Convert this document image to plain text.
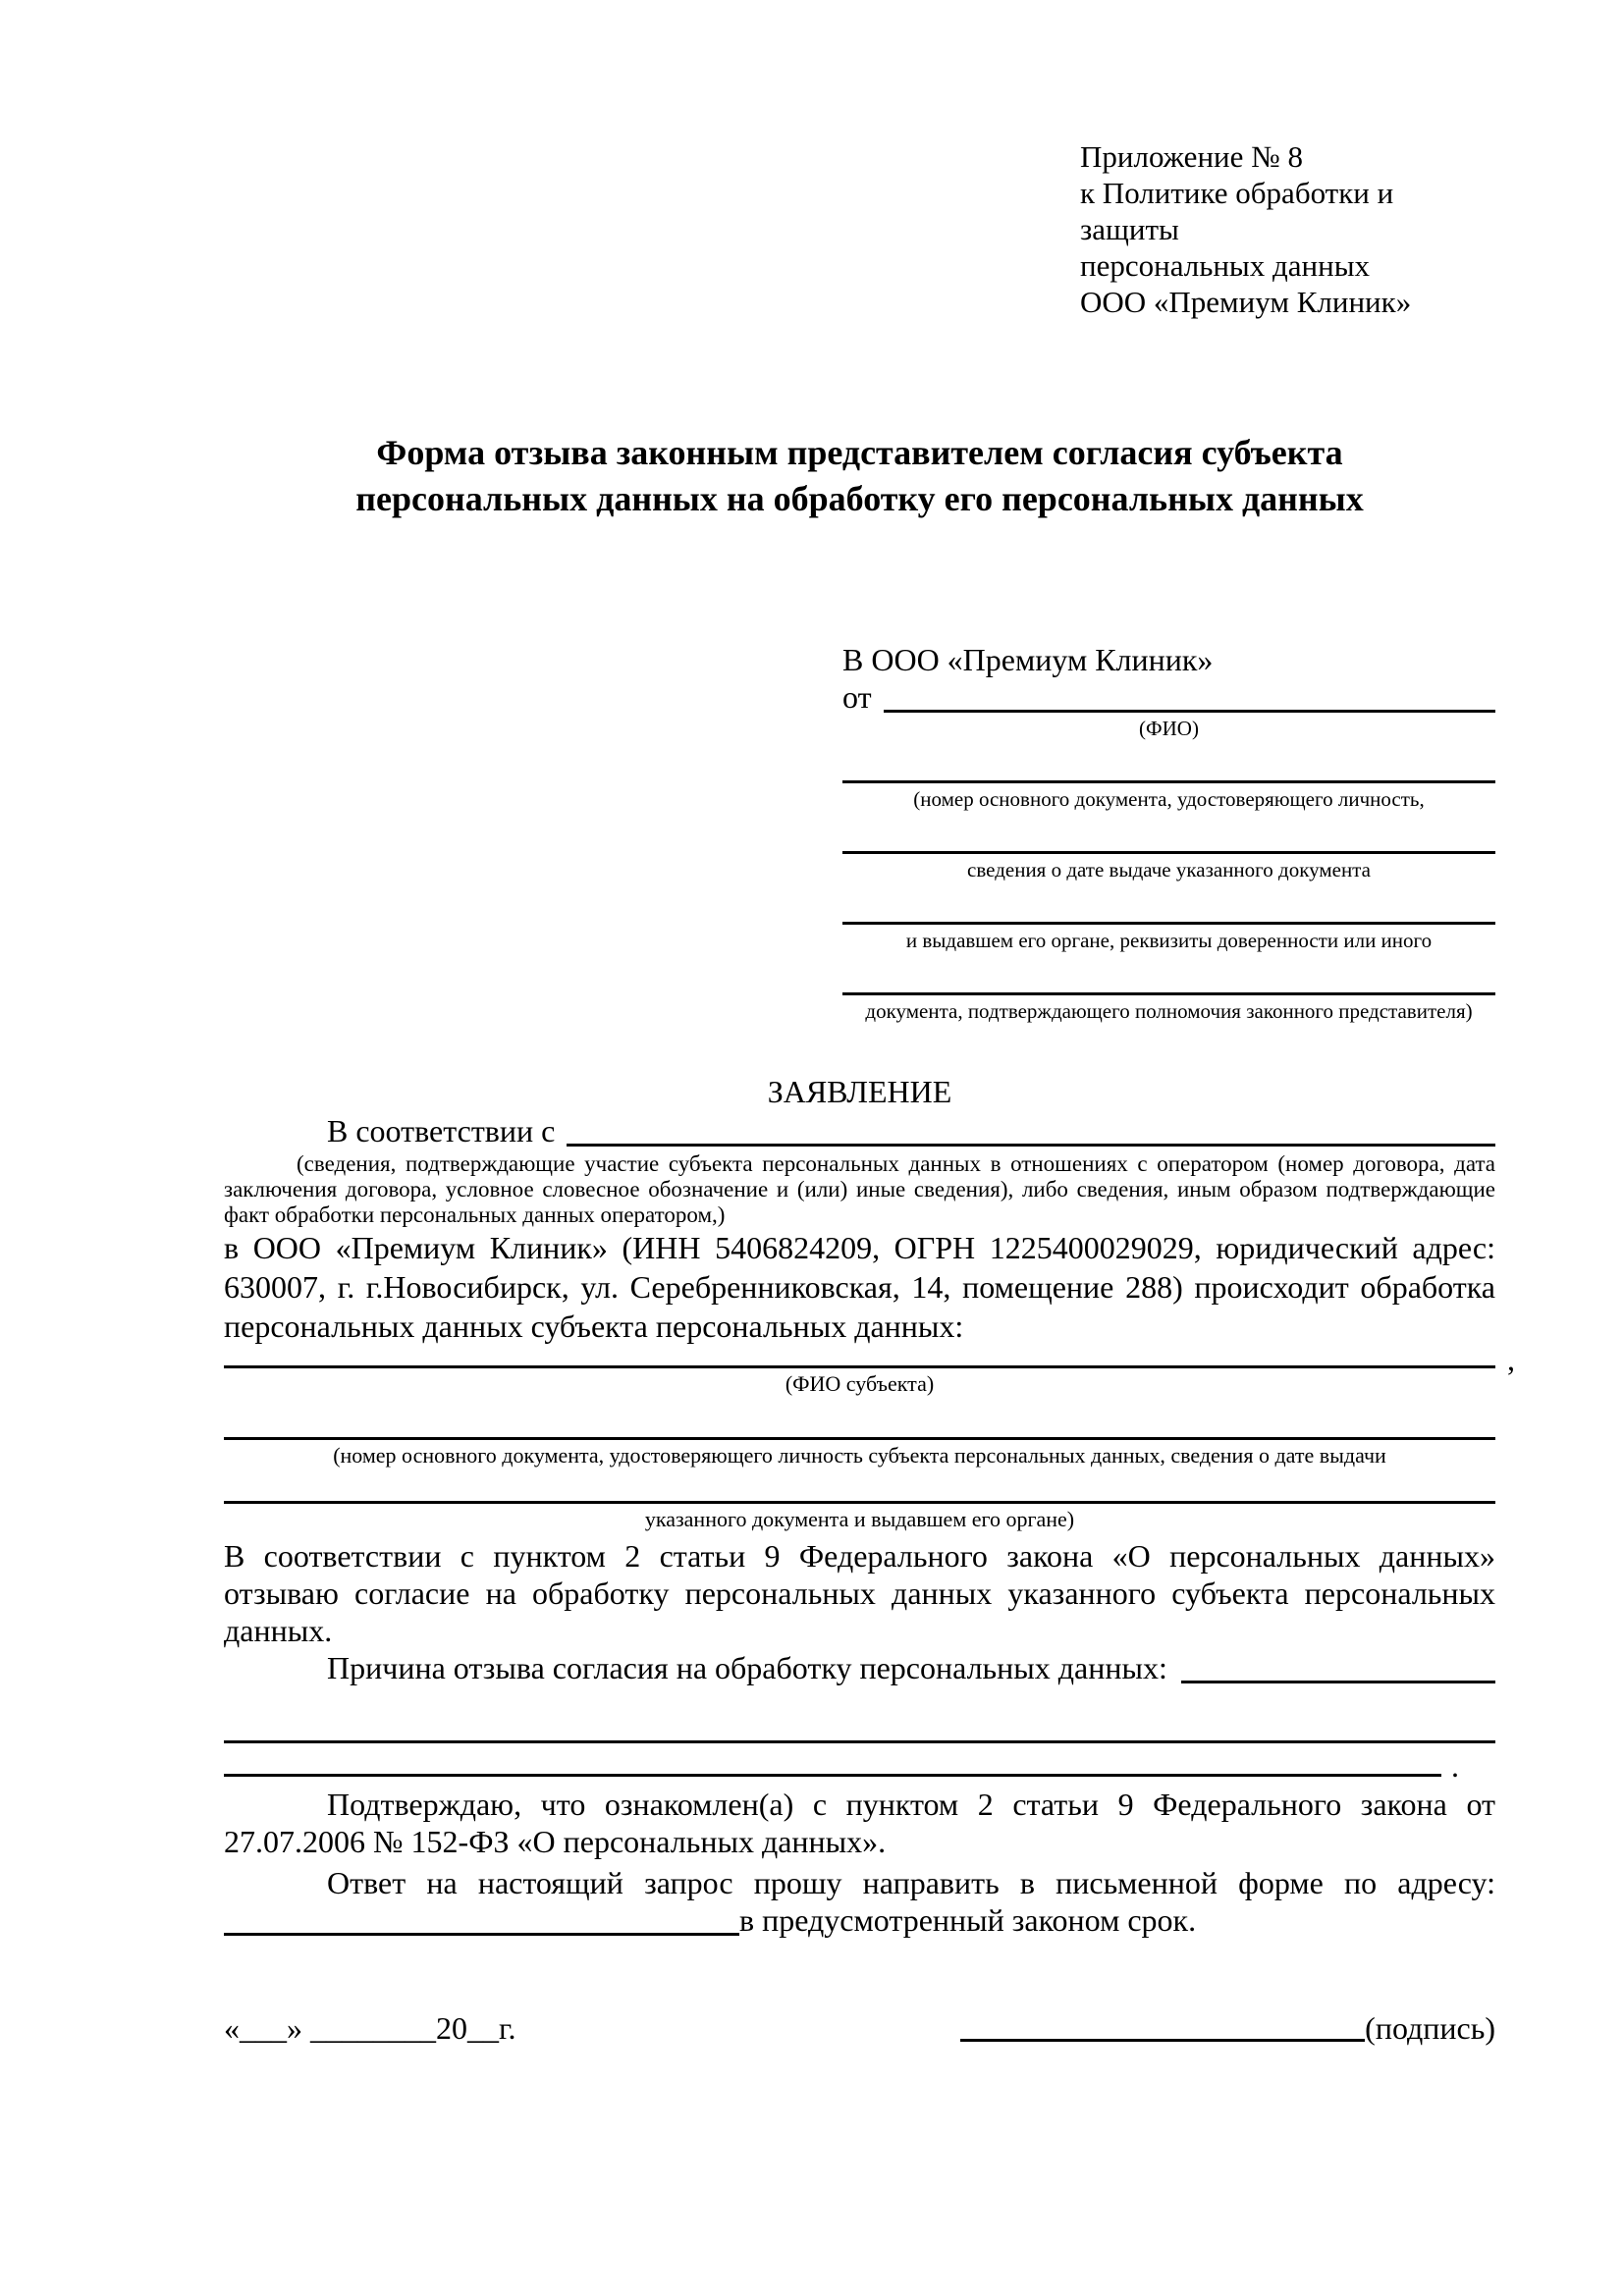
Приложение № 8
к Политике обработки и защиты
персональных данных
ООО «Премиум Клиник»
Форма отзыва законным представителем согласия субъекта
персональных данных на обработку его персональных данных
В ООО «Премиум Клиник»
от
(ФИО)
(номер основного документа, удостоверяющего личность,
сведения о дате выдаче указанного документа
и выдавшем его органе, реквизиты доверенности или иного
документа, подтверждающего полномочия законного представителя)
ЗАЯВЛЕНИЕ
В соответствии с

(сведения, подтверждающие участие субъекта персональных данных в отношениях с оператором (номер договора, дата заключения договора, условное словесное обозначение и (или) иные сведения), либо сведения, иным образом подтверждающие факт обработки персональных данных оператором,)

в ООО «Премиум Клиник» (ИНН 5406824209, ОГРН 1225400029029, юридический адрес: 630007, г. г.Новосибирск, ул. Серебренниковская, 14, помещение 288) происходит обработка персональных данных субъекта персональных данных:

,
(ФИО субъекта)
(номер основного документа, удостоверяющего личность субъекта персональных данных, сведения о дате выдачи
указанного документа и выдавшем его органе)

В соответствии с пунктом 2 статьи 9 Федерального закона «О персональных данных» отзываю согласие на обработку персональных данных указанного субъекта персональных данных.

Причина отзыва согласия на обработку персональных данных:
.

Подтверждаю, что ознакомлен(а) с пунктом 2 статьи 9 Федерального закона от 27.07.2006 № 152-ФЗ «О персональных данных».

Ответ на настоящий запрос прошу направить в письменной форме по адресу:

в предусмотренный законом срок.
«___» ________20__г.	(подпись)
